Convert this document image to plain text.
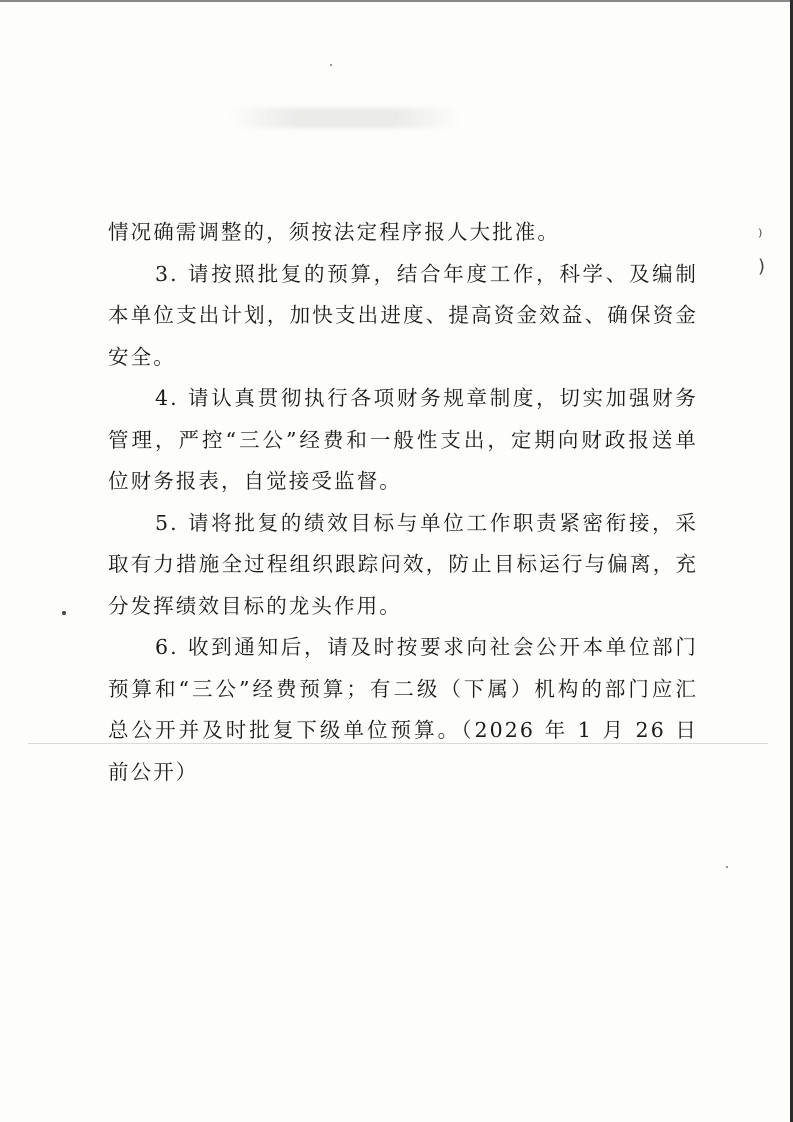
⁾
)

情况确需调整的，须按法定程序报人大批准。

3. 请按照批复的预算，结合年度工作，科学、及编制本单位支出计划，加快支出进度、提高资金效益、确保资金安全。

4. 请认真贯彻执行各项财务规章制度，切实加强财务管理，严控“三公”经费和一般性支出，定期向财政报送单位财务报表，自觉接受监督。

5. 请将批复的绩效目标与单位工作职责紧密衔接，采取有力措施全过程组织跟踪问效，防止目标运行与偏离，充分发挥绩效目标的龙头作用。

6. 收到通知后，请及时按要求向社会公开本单位部门预算和“三公”经费预算；有二级（下属）机构的部门应汇总公开并及时批复下级单位预算。（2026 年 1 月 26 日前公开）
